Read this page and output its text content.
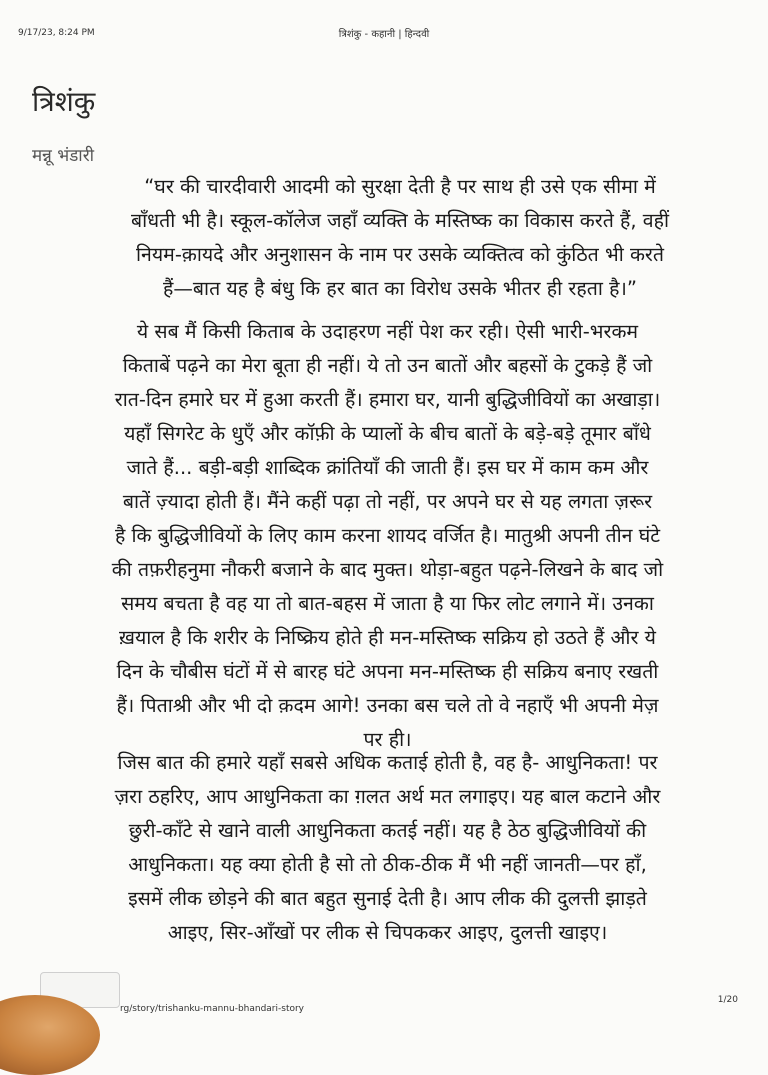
9/17/23, 8:24 PM	त्रिशंकु - कहानी | हिन्दवी
त्रिशंकु
मन्नू भंडारी
“घर की चारदीवारी आदमी को सुरक्षा देती है पर साथ ही उसे एक सीमा में
बाँधती भी है। स्कूल-कॉलेज जहाँ व्यक्ति के मस्तिष्क का विकास करते हैं, वहीं
नियम-क़ायदे और अनुशासन के नाम पर उसके व्यक्तित्व को कुंठित भी करते
हैं—बात यह है बंधु कि हर बात का विरोध उसके भीतर ही रहता है।”
ये सब मैं किसी किताब के उदाहरण नहीं पेश कर रही। ऐसी भारी-भरकम
किताबें पढ़ने का मेरा बूता ही नहीं। ये तो उन बातों और बहसों के टुकड़े हैं जो
रात-दिन हमारे घर में हुआ करती हैं। हमारा घर, यानी बुद्धिजीवियों का अखाड़ा।
यहाँ सिगरेट के धुएँ और कॉफ़ी के प्यालों के बीच बातों के बड़े-बड़े तूमार बाँधे
जाते हैं... बड़ी-बड़ी शाब्दिक क्रांतियाँ की जाती हैं। इस घर में काम कम और
बातें ज़्यादा होती हैं। मैंने कहीं पढ़ा तो नहीं, पर अपने घर से यह लगता ज़रूर
है कि बुद्धिजीवियों के लिए काम करना शायद वर्जित है। मातुश्री अपनी तीन घंटे
की तफ़रीहनुमा नौकरी बजाने के बाद मुक्त। थोड़ा-बहुत पढ़ने-लिखने के बाद जो
समय बचता है वह या तो बात-बहस में जाता है या फिर लोट लगाने में। उनका
ख़याल है कि शरीर के निष्क्रिय होते ही मन-मस्तिष्क सक्रिय हो उठते हैं और ये
दिन के चौबीस घंटों में से बारह घंटे अपना मन-मस्तिष्क ही सक्रिय बनाए रखती
हैं। पिताश्री और भी दो क़दम आगे! उनका बस चले तो वे नहाएँ भी अपनी मेज़
पर ही।
जिस बात की हमारे यहाँ सबसे अधिक कताई होती है, वह है- आधुनिकता! पर
ज़रा ठहरिए, आप आधुनिकता का ग़लत अर्थ मत लगाइए। यह बाल कटाने और
छुरी-काँटे से खाने वाली आधुनिकता कतई नहीं। यह है ठेठ बुद्धिजीवियों की
आधुनिकता। यह क्या होती है सो तो ठीक-ठीक मैं भी नहीं जानती—पर हाँ,
इसमें लीक छोड़ने की बात बहुत सुनाई देती है। आप लीक की दुलत्ती झाड़ते
आइए, सिर-आँखों पर लीक से चिपककर आइए, दुलत्ती खाइए।
rg/story/trishanku-mannu-bhandari-story
1/20
